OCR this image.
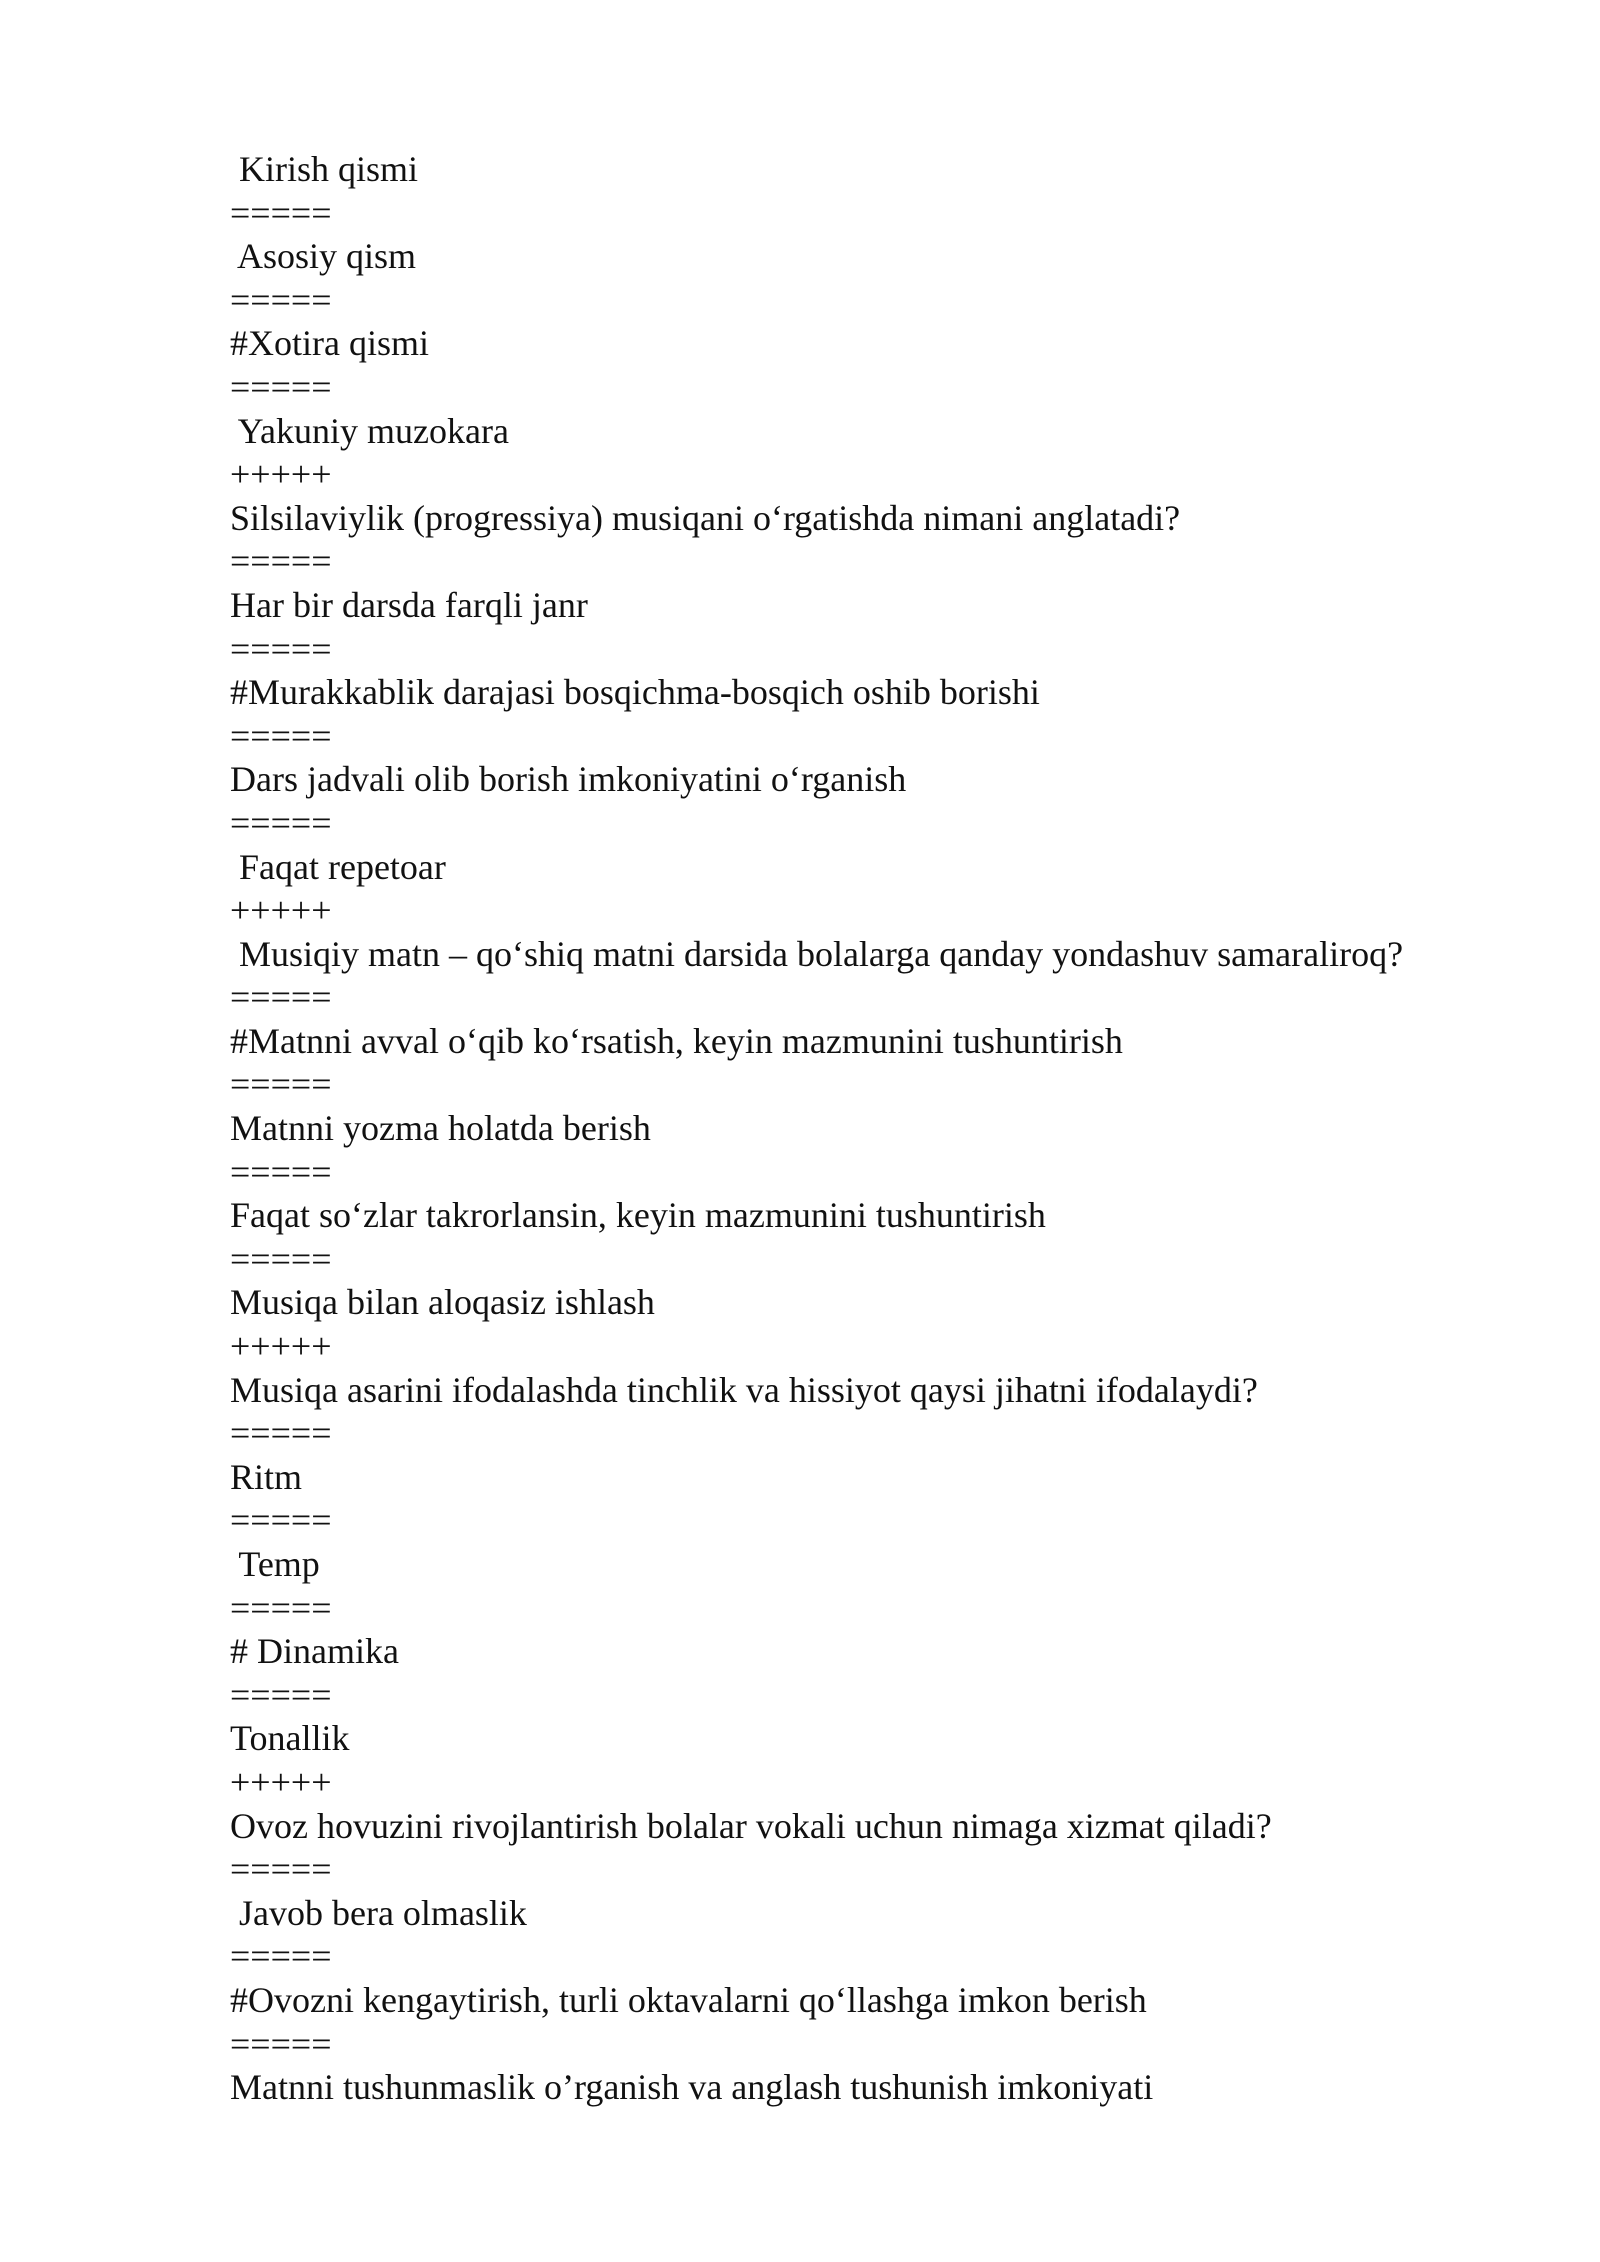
Kirish qismi
=====
Asosiy qism
=====
#Xotira qismi
=====
Yakuniy muzokara
+++++
Silsilaviylik (progressiya) musiqani o‘rgatishda nimani anglatadi?
=====
Har bir darsda farqli janr
=====
#Murakkablik darajasi bosqichma-bosqich oshib borishi
=====
Dars jadvali olib borish imkoniyatini o‘rganish
=====
Faqat repetoar
+++++
Musiqiy matn – qo‘shiq matni darsida bolalarga qanday yondashuv samaraliroq?
=====
#Matnni avval o‘qib ko‘rsatish, keyin mazmunini tushuntirish
=====
Matnni yozma holatda berish
=====
Faqat so‘zlar takrorlansin, keyin mazmunini tushuntirish
=====
Musiqa bilan aloqasiz ishlash
+++++
Musiqa asarini ifodalashda tinchlik va hissiyot qaysi jihatni ifodalaydi?
=====
Ritm
=====
Temp
=====
# Dinamika
=====
Tonallik
+++++
Ovoz hovuzini rivojlantirish bolalar vokali uchun nimaga xizmat qiladi?
=====
Javob bera olmaslik
=====
#Ovozni kengaytirish, turli oktavalarni qo‘llashga imkon berish
=====
Matnni tushunmaslik o’rganish va anglash tushunish imkoniyati
